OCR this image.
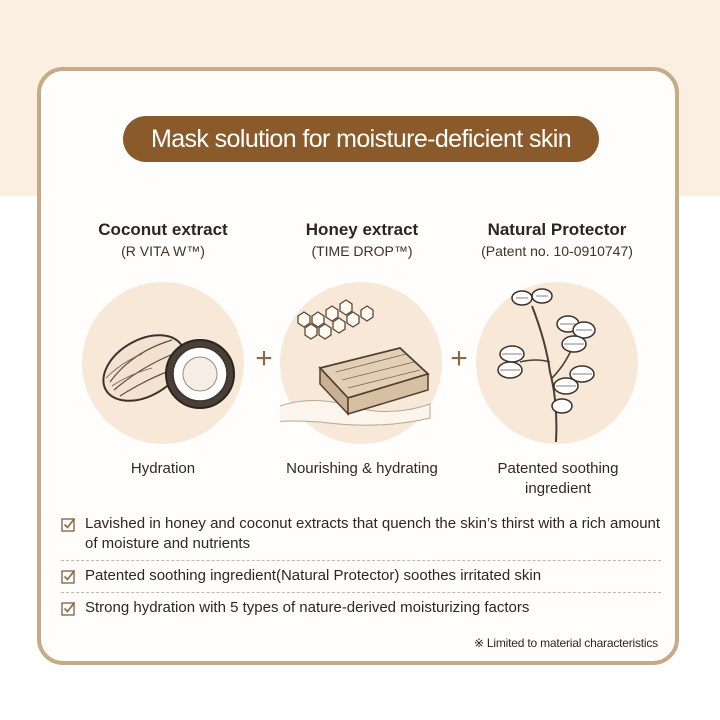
Mask solution for moisture-deficient skin
Coconut extract
(R VITA W™)
Hydration
+
Honey extract
(TIME DROP™)
Nourishing & hydrating
+
Natural Protector
(Patent no. 10-0910747)
Patented soothing ingredient
Lavished in honey and coconut extracts that quench the skin’s thirst with a rich amount of moisture and nutrients
Patented soothing ingredient(Natural Protector) soothes irritated skin
Strong hydration with 5 types of nature-derived moisturizing factors
※ Limited to material characteristics
